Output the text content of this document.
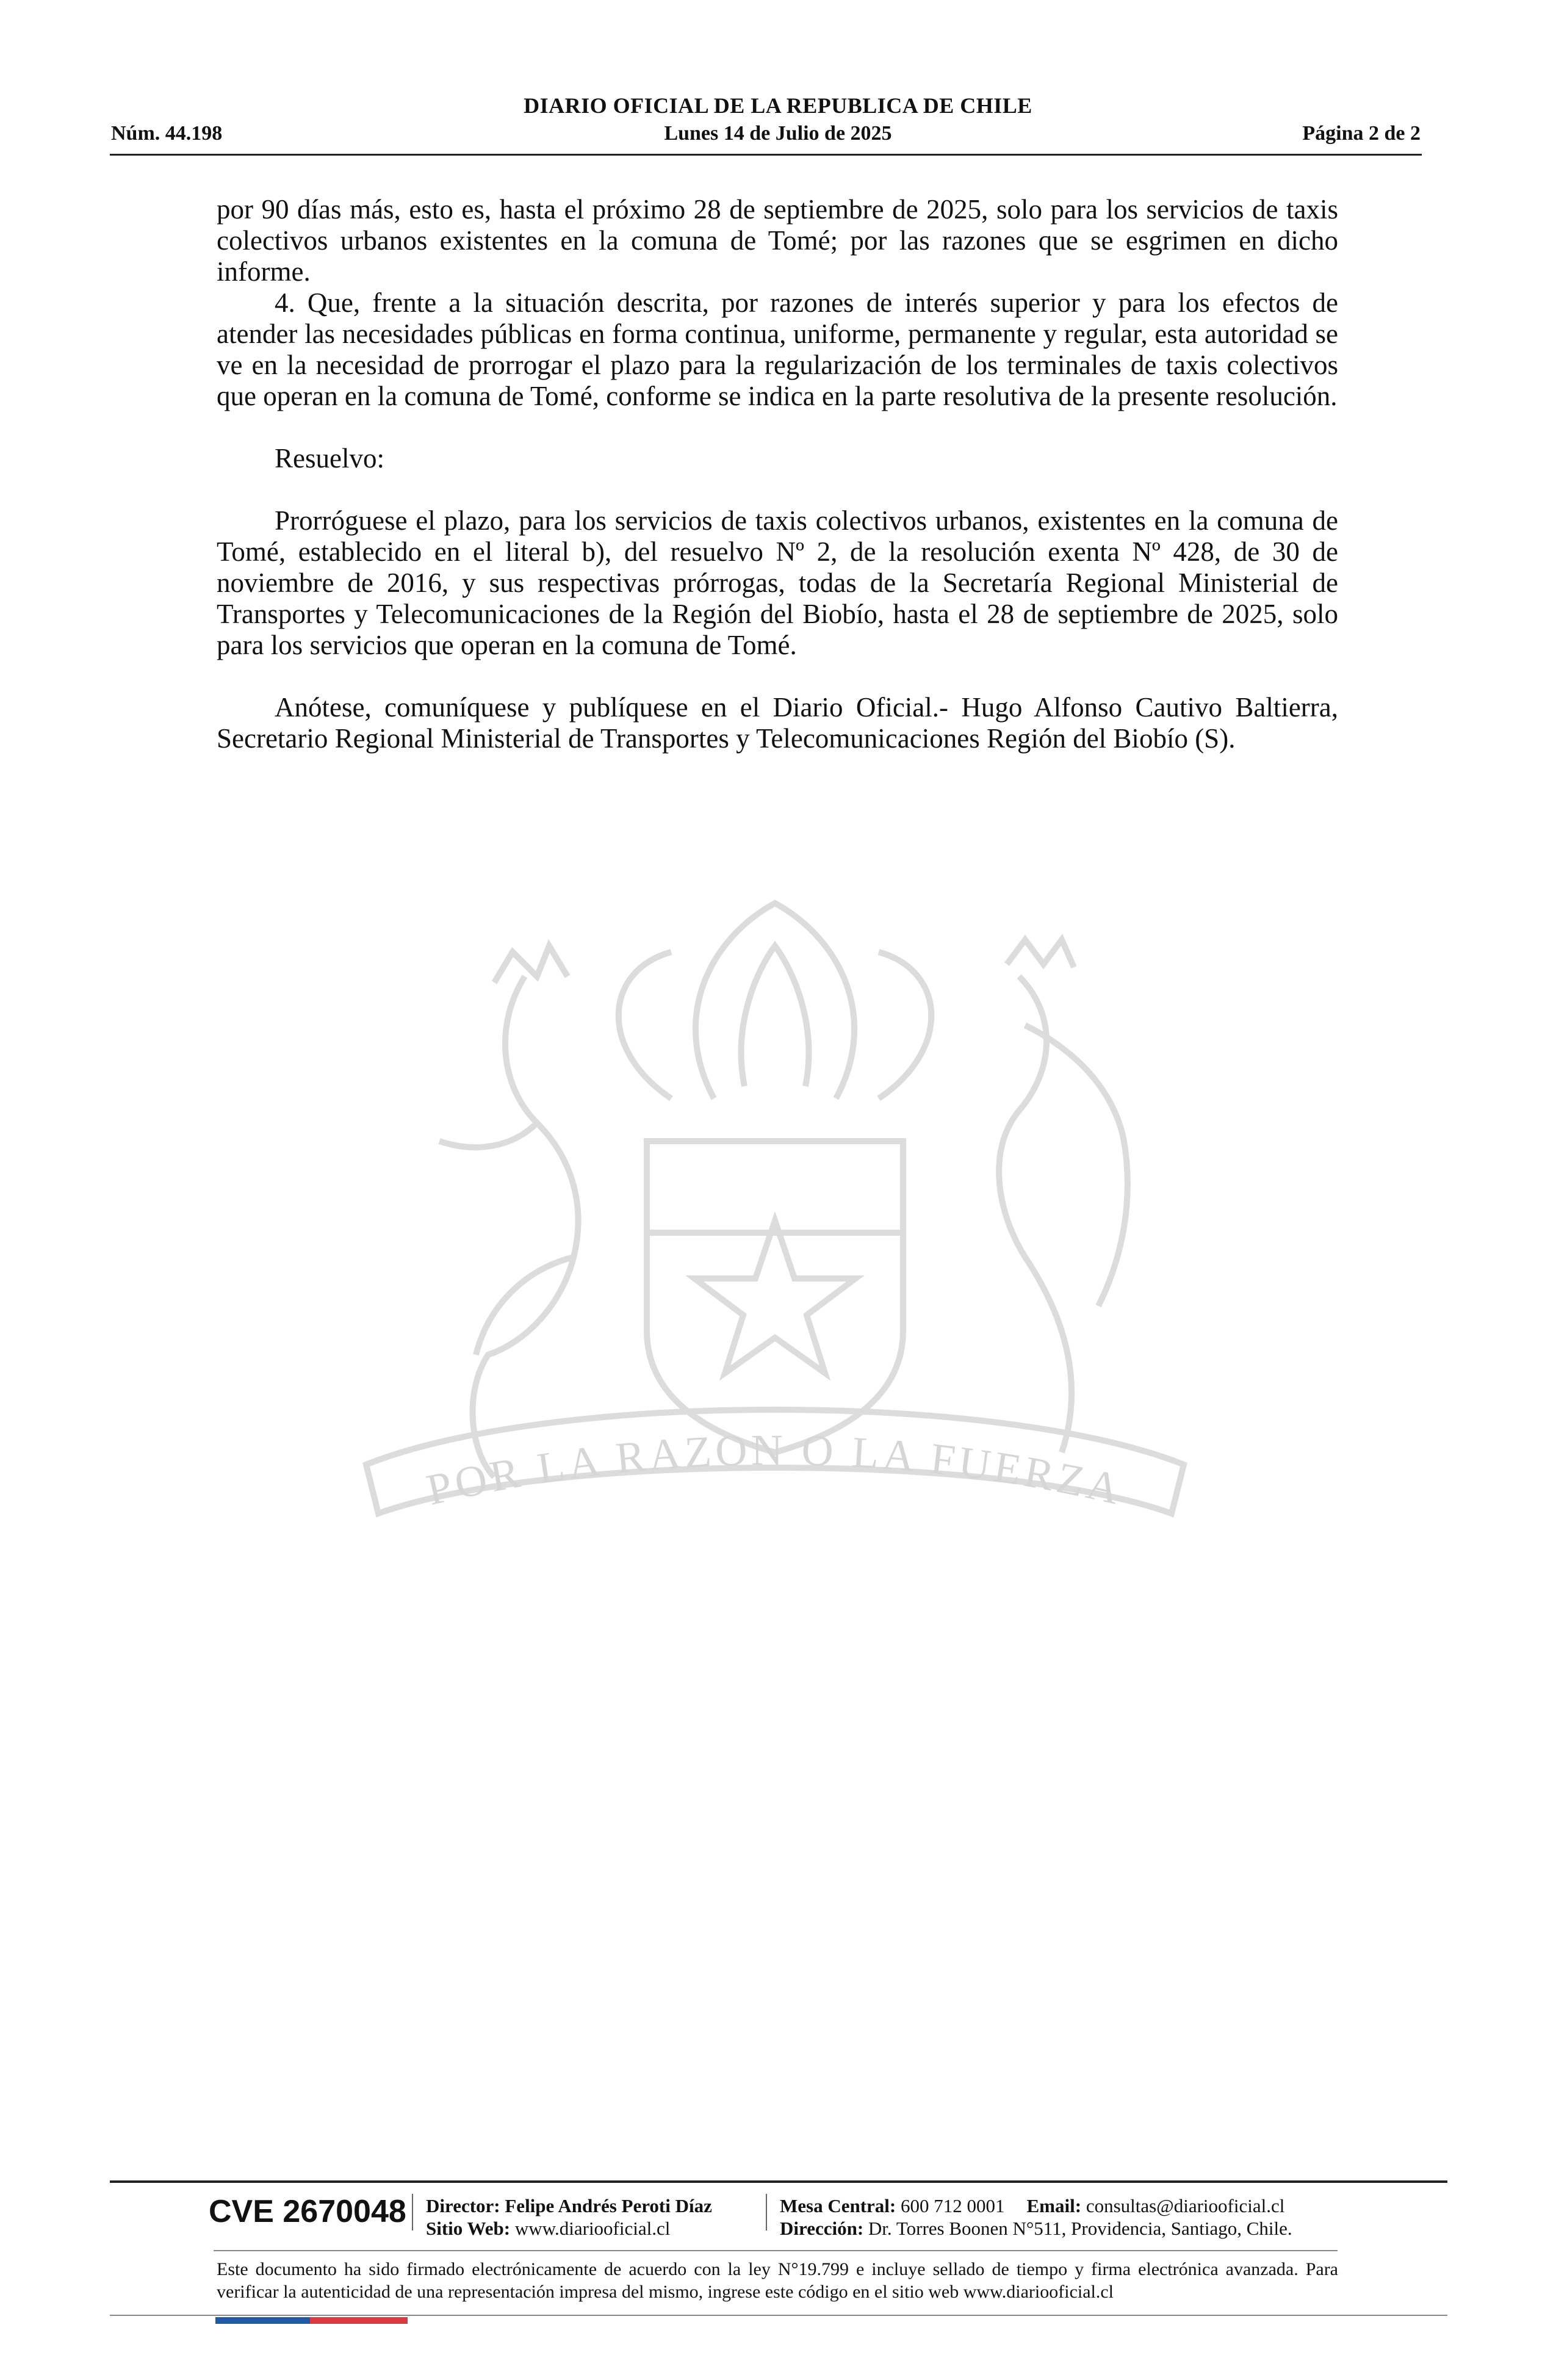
DIARIO OFICIAL DE LA REPUBLICA DE CHILE
Núm. 44.198	Lunes 14 de Julio de 2025	Página 2 de 2

por 90 días más, esto es, hasta el próximo 28 de septiembre de 2025, solo para los servicios de taxis colectivos urbanos existentes en la comuna de Tomé; por las razones que se esgrimen en dicho informe.

4. Que, frente a la situación descrita, por razones de interés superior y para los efectos de atender las necesidades públicas en forma continua, uniforme, permanente y regular, esta autoridad se ve en la necesidad de prorrogar el plazo para la regularización de los terminales de taxis colectivos que operan en la comuna de Tomé, conforme se indica en la parte resolutiva de la presente resolución.

Resuelvo:

Prorróguese el plazo, para los servicios de taxis colectivos urbanos, existentes en la comuna de Tomé, establecido en el literal b), del resuelvo Nº 2, de la resolución exenta Nº 428, de 30 de noviembre de 2016, y sus respectivas prórrogas, todas de la Secretaría Regional Ministerial de Transportes y Telecomunicaciones de la Región del Biobío, hasta el 28 de septiembre de 2025, solo para los servicios que operan en la comuna de Tomé.

Anótese, comuníquese y publíquese en el Diario Oficial.- Hugo Alfonso Cautivo Baltierra, Secretario Regional Ministerial de Transportes y Telecomunicaciones Región del Biobío (S).

POR LA RAZON O LA FUERZA
CVE 2670048 Director: Felipe Andrés Peroti Díaz
Sitio Web: www.diariooficial.cl
Mesa Central: 600 712 0001 Email: consultas@diariooficial.cl
Dirección: Dr. Torres Boonen N°511, Providencia, Santiago, Chile.
Este documento ha sido firmado electrónicamente de acuerdo con la ley N°19.799 e incluye sellado de tiempo y firma electrónica avanzada. Para verificar la autenticidad de una representación impresa del mismo, ingrese este código en el sitio web www.diariooficial.cl
